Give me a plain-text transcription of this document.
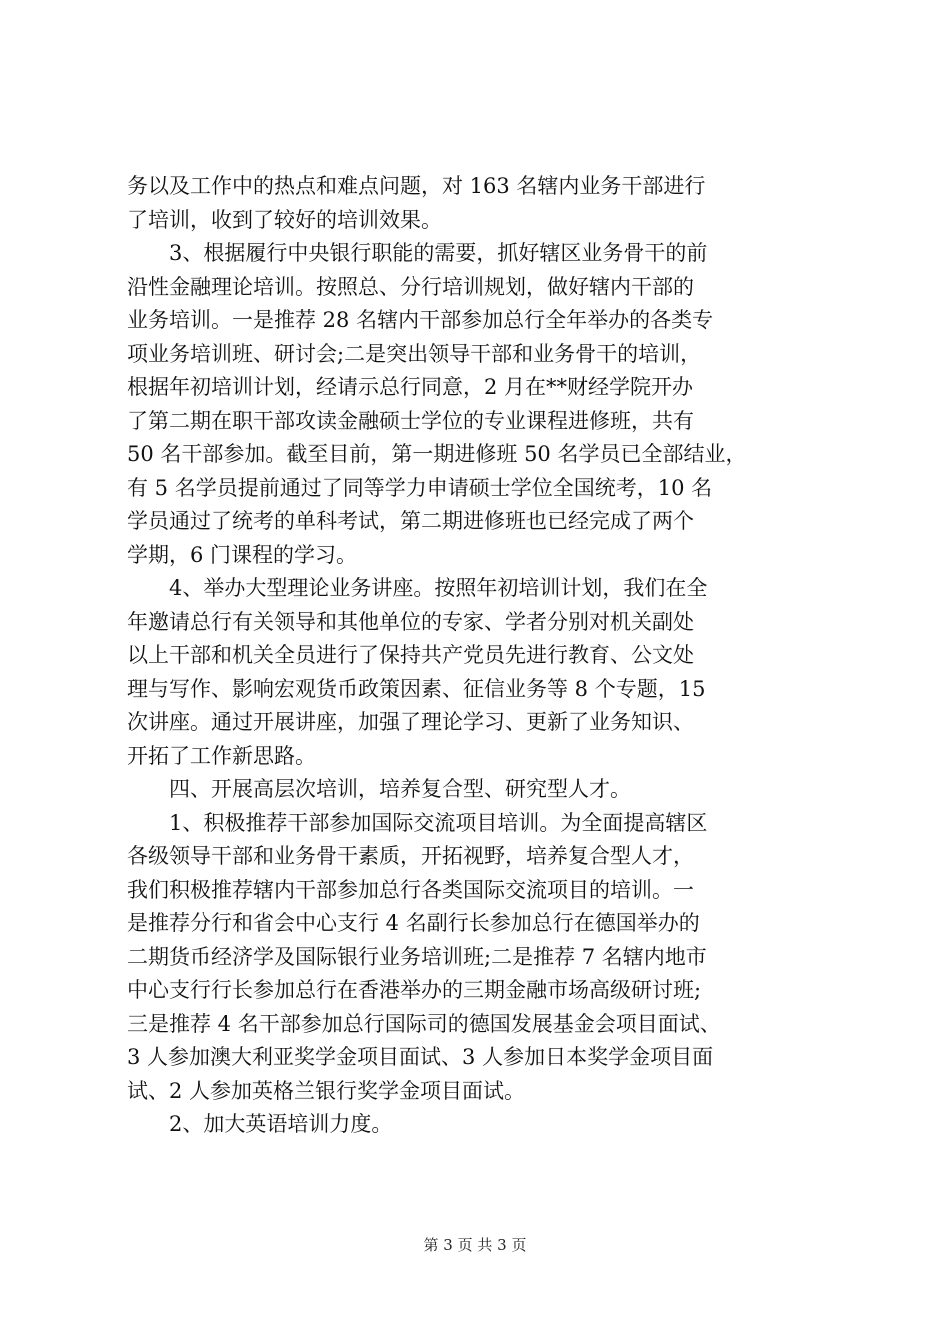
务以及工作中的热点和难点问题，对 163 名辖内业务干部进行
了培训，收到了较好的培训效果。
　　3、根据履行中央银行职能的需要，抓好辖区业务骨干的前
沿性金融理论培训。按照总、分行培训规划，做好辖内干部的
业务培训。一是推荐 28 名辖内干部参加总行全年举办的各类专
项业务培训班、研讨会;二是突出领导干部和业务骨干的培训，
根据年初培训计划，经请示总行同意，2 月在**财经学院开办
了第二期在职干部攻读金融硕士学位的专业课程进修班，共有
50 名干部参加。截至目前，第一期进修班 50 名学员已全部结业，
有 5 名学员提前通过了同等学力申请硕士学位全国统考，10 名
学员通过了统考的单科考试，第二期进修班也已经完成了两个
学期，6 门课程的学习。
　　4、举办大型理论业务讲座。按照年初培训计划，我们在全
年邀请总行有关领导和其他单位的专家、学者分别对机关副处
以上干部和机关全员进行了保持共产党员先进行教育、公文处
理与写作、影响宏观货币政策因素、征信业务等 8 个专题，15
次讲座。通过开展讲座，加强了理论学习、更新了业务知识、
开拓了工作新思路。
　　四、开展高层次培训，培养复合型、研究型人才。
　　1、积极推荐干部参加国际交流项目培训。为全面提高辖区
各级领导干部和业务骨干素质，开拓视野，培养复合型人才，
我们积极推荐辖内干部参加总行各类国际交流项目的培训。一
是推荐分行和省会中心支行 4 名副行长参加总行在德国举办的
二期货币经济学及国际银行业务培训班;二是推荐 7 名辖内地市
中心支行行长参加总行在香港举办的三期金融市场高级研讨班;
三是推荐 4 名干部参加总行国际司的德国发展基金会项目面试、
3 人参加澳大利亚奖学金项目面试、3 人参加日本奖学金项目面
试、2 人参加英格兰银行奖学金项目面试。
　　2、加大英语培训力度。
第 3 页 共 3 页
